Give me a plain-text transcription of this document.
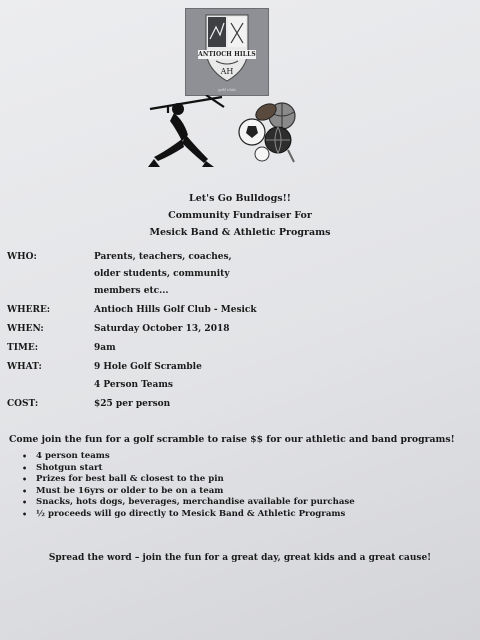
AH
ANTIOCH HILLS
golf club
Let's Go Bulldogs!!
Community Fundraiser For
Mesick Band & Athletic Programs
WHO:	Parents, teachers, coaches,
older students, community
members etc...
WHERE:	Antioch Hills Golf Club - Mesick
WHEN:	Saturday October 13, 2018
TIME:	9am
WHAT:	9 Hole Golf Scramble
4 Person Teams
COST:	$25 per person
Come join the fun for a golf scramble to raise $$ for our athletic and band programs!
• 4 person teams
• Shotgun start
• Prizes for best ball & closest to the pin
• Must be 16yrs or older to be on a team
• Snacks, hots dogs, beverages, merchandise available for purchase
• ½ proceeds will go directly to Mesick Band & Athletic Programs
Spread the word – join the fun for a great day, great kids and a great cause!
